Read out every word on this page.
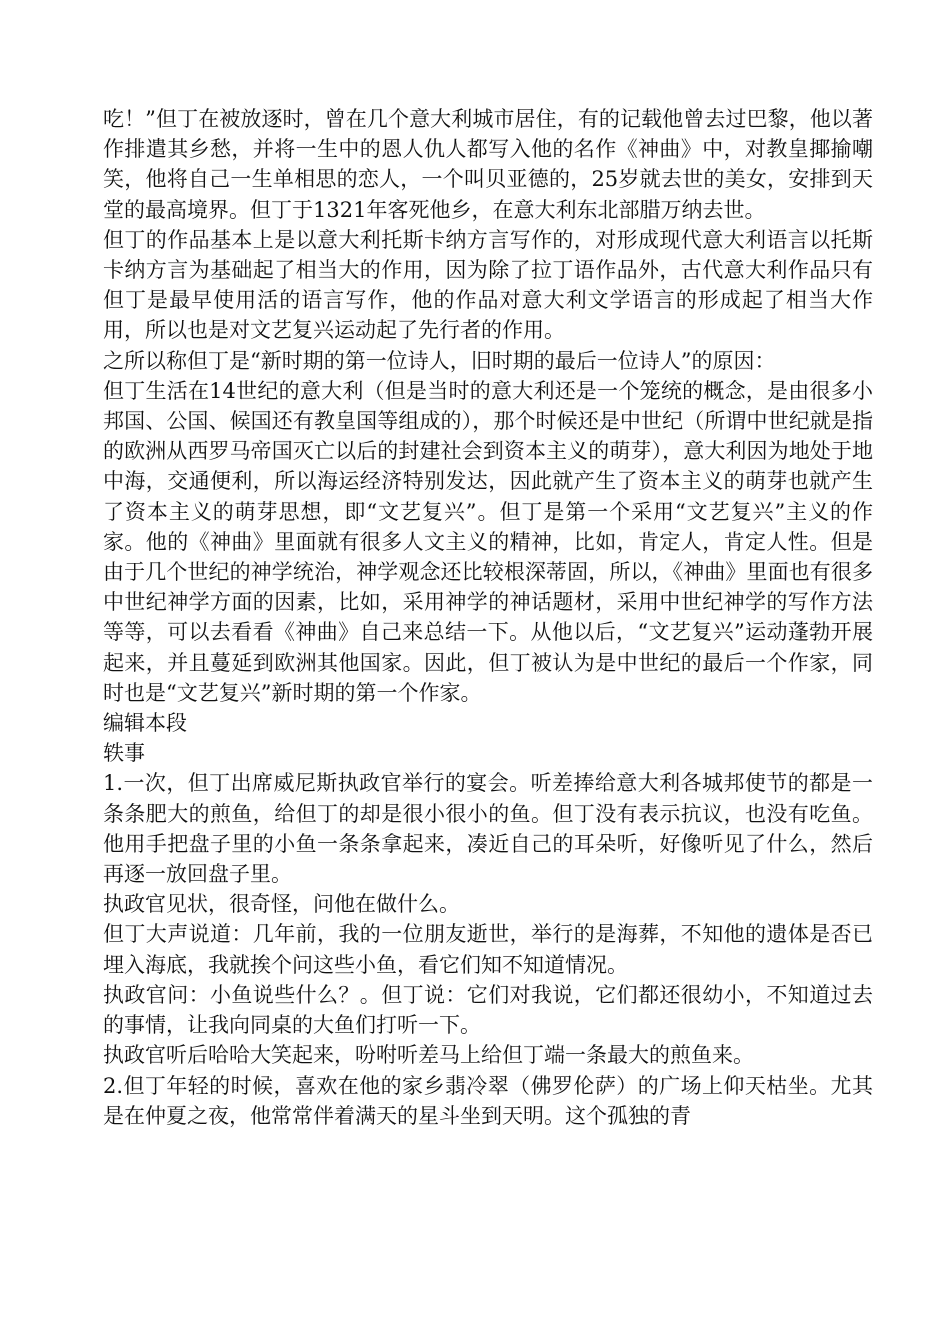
吃！”但丁在被放逐时，曾在几个意大利城市居住，有的记载他曾去过巴黎，他以著作排遣其乡愁，并将一生中的恩人仇人都写入他的名作《神曲》中，对教皇揶揄嘲笑，他将自己一生单相思的恋人，一个叫贝亚德的，25岁就去世的美女，安排到天堂的最高境界。但丁于1321年客死他乡，在意大利东北部腊万纳去世。

但丁的作品基本上是以意大利托斯卡纳方言写作的，对形成现代意大利语言以托斯卡纳方言为基础起了相当大的作用，因为除了拉丁语作品外，古代意大利作品只有但丁是最早使用活的语言写作，他的作品对意大利文学语言的形成起了相当大作用，所以也是对文艺复兴运动起了先行者的作用。

之所以称但丁是“新时期的第一位诗人，旧时期的最后一位诗人”的原因：

但丁生活在14世纪的意大利（但是当时的意大利还是一个笼统的概念，是由很多小邦国、公国、候国还有教皇国等组成的），那个时候还是中世纪（所谓中世纪就是指的欧洲从西罗马帝国灭亡以后的封建社会到资本主义的萌芽），意大利因为地处于地中海，交通便利，所以海运经济特别发达，因此就产生了资本主义的萌芽也就产生了资本主义的萌芽思想，即“文艺复兴”。但丁是第一个采用“文艺复兴”主义的作家。他的《神曲》里面就有很多人文主义的精神，比如，肯定人，肯定人性。但是由于几个世纪的神学统治，神学观念还比较根深蒂固，所以，《神曲》里面也有很多中世纪神学方面的因素，比如，采用神学的神话题材，采用中世纪神学的写作方法等等，可以去看看《神曲》自己来总结一下。从他以后，“文艺复兴”运动蓬勃开展起来，并且蔓延到欧洲其他国家。因此，但丁被认为是中世纪的最后一个作家，同时也是“文艺复兴”新时期的第一个作家。

编辑本段

轶事

1.一次，但丁出席威尼斯执政官举行的宴会。听差捧给意大利各城邦使节的都是一条条肥大的煎鱼，给但丁的却是很小很小的鱼。但丁没有表示抗议，也没有吃鱼。他用手把盘子里的小鱼一条条拿起来，凑近自己的耳朵听，好像听见了什么，然后再逐一放回盘子里。

执政官见状，很奇怪，问他在做什么。

但丁大声说道：几年前，我的一位朋友逝世，举行的是海葬，不知他的遗体是否已埋入海底，我就挨个问这些小鱼，看它们知不知道情况。

执政官问：小鱼说些什么？。但丁说：它们对我说，它们都还很幼小，不知道过去的事情，让我向同桌的大鱼们打听一下。

执政官听后哈哈大笑起来，吩咐听差马上给但丁端一条最大的煎鱼来。

2.但丁年轻的时候，喜欢在他的家乡翡冷翠（佛罗伦萨）的广场上仰天枯坐。尤其是在仲夏之夜，他常常伴着满天的星斗坐到天明。这个孤独的青
